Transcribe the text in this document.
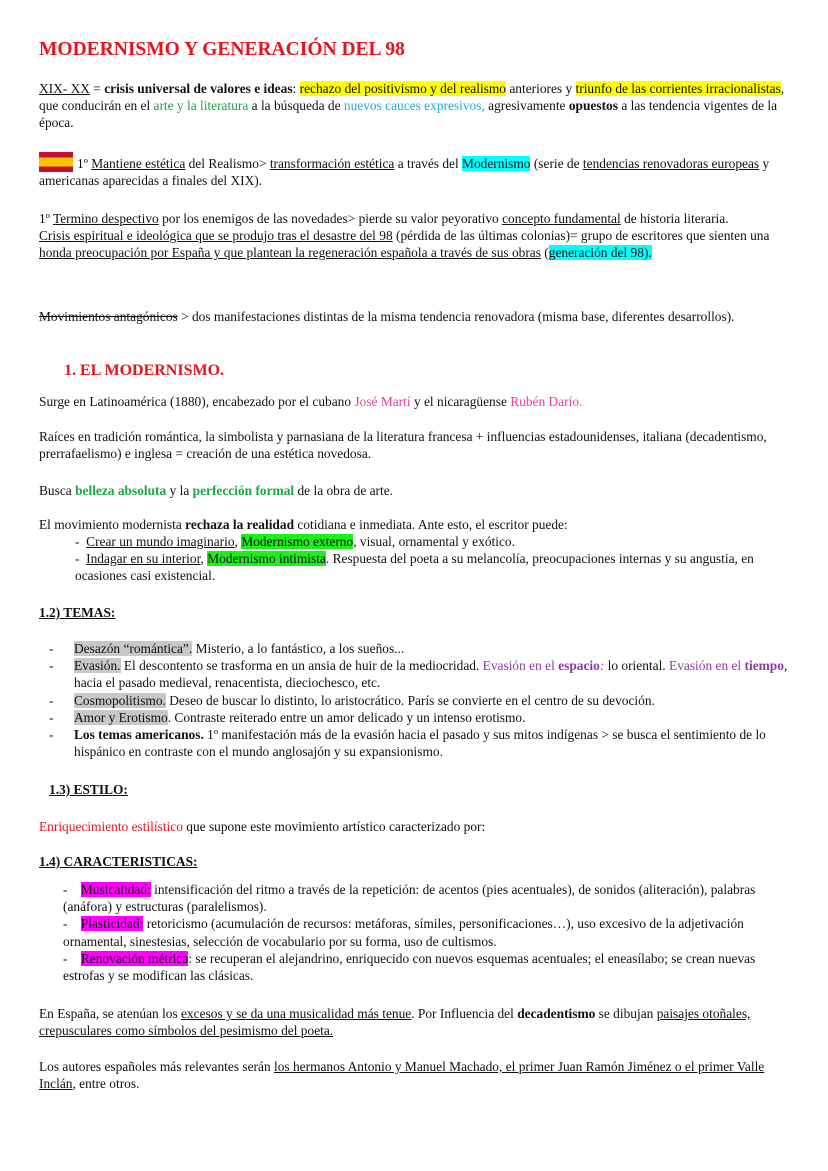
MODERNISMO Y GENERACIÓN DEL 98

XIX- XX = crisis universal de valores e ideas: rechazo del positivismo y del realismo anteriores y triunfo de las corrientes irracionalistas, que conducirán en el arte y la literatura a la búsqueda de nuevos cauces expresivos, agresivamente opuestos a las tendencia vigentes de la época.

1º Mantiene estética del Realismo> transformación estética a través del Modernismo (serie de tendencias renovadoras europeas y americanas aparecidas a finales del XIX).

1º Termino despectivo por los enemigos de las novedades> pierde su valor peyorativo concepto fundamental de historia literaria.
Crisis espiritual e ideológica que se produjo tras el desastre del 98 (pérdida de las últimas colonias)= grupo de escritores que sienten una honda preocupación por España y que plantean la regeneración española a través de sus obras (generación del 98).

Movimientos antagónicos > dos manifestaciones distintas de la misma tendencia renovadora (misma base, diferentes desarrollos).

1. EL MODERNISMO.

Surge en Latinoamérica (1880), encabezado por el cubano José Martí y el nicaragüense Rubén Darío.

Raíces en tradición romántica, la simbolista y parnasiana de la literatura francesa + influencias estadounidenses, italiana (decadentismo, prerrafaelismo) e inglesa = creación de una estética novedosa.

Busca belleza absoluta y la perfección formal de la obra de arte.

El movimiento modernista rechaza la realidad cotidiana e inmediata. Ante esto, el escritor puede:

-  Crear un mundo imaginario, Modernismo externo, visual, ornamental y exótico.
-  Indagar en su interior, Modernismo intimista. Respuesta del poeta a su melancolía, preocupaciones internas y su angustia, en ocasiones casi existencial.

1.2) TEMAS:

- Desazón “romántica”. Misterio, a lo fantástico, a los sueños...
- Evasión. El descontento se trasforma en un ansia de huir de la mediocridad. Evasión en el espacio: lo oriental. Evasión en el tiempo, hacia el pasado medieval, renacentista, dieciochesco, etc.
- Cosmopolitismo. Deseo de buscar lo distinto, lo aristocrático. París se convierte en el centro de su devoción.
- Amor y Erotismo. Contraste reiterado entre un amor delicado y un intenso erotismo.
- Los temas americanos. 1º manifestación más de la evasión hacia el pasado y sus mitos indígenas > se busca el sentimiento de lo hispánico en contraste con el mundo anglosajón y su expansionismo.

1.3) ESTILO:

Enriquecimiento estilístico que supone este movimiento artístico caracterizado por:

1.4) CARACTERISTICAS:

-    Musicalidad: intensificación del ritmo a través de la repetición: de acentos (pies acentuales), de sonidos (aliteración), palabras (anáfora) y estructuras (paralelismos).
-    Plasticidad: retoricismo (acumulación de recursos: metáforas, símiles, personificaciones…), uso excesivo de la adjetivación ornamental, sinestesias, selección de vocabulario por su forma, uso de cultismos.
-    Renovación métrica: se recuperan el alejandrino, enriquecido con nuevos esquemas acentuales; el eneasílabo; se crean nuevas estrofas y se modifican las clásicas.

En España, se atenúan los excesos y se da una musicalidad más tenue. Por Influencia del decadentismo se dibujan paisajes otoñales, crepusculares como símbolos del pesimismo del poeta.

Los autores españoles más relevantes serán los hermanos Antonio y Manuel Machado, el primer Juan Ramón Jiménez o el primer Valle Inclán, entre otros.
